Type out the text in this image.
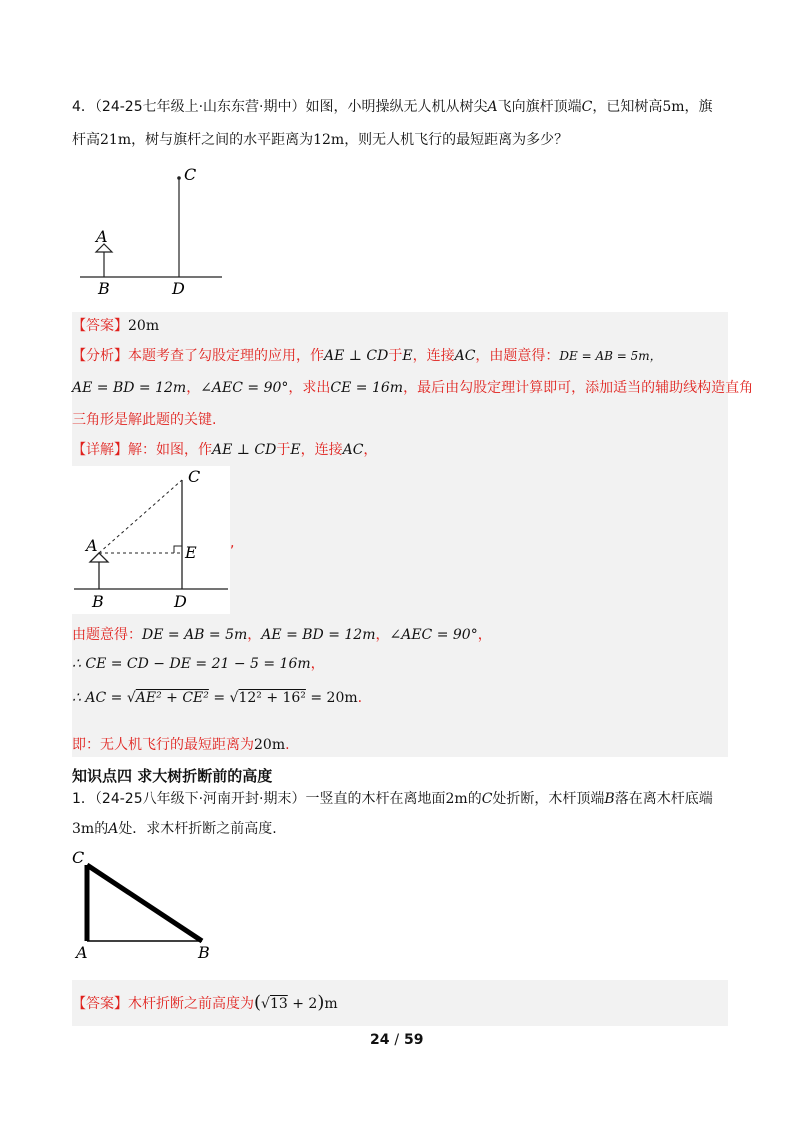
4．（24-25七年级上·山东东营·期中）如图，小明操纵无人机从树尖A飞向旗杆顶端C，已知树高5m，旗
杆高21m，树与旗杆之间的水平距离为12m，则无人机飞行的最短距离为多少？
C
A
B	D
【答案】20m
【分析】本题考查了勾股定理的应用，作AE ⊥ CD于E，连接AC，由题意得：DE = AB = 5m，
AE = BD = 12m，∠AEC = 90°，求出CE = 16m，最后由勾股定理计算即可，添加适当的辅助线构造直角
三角形是解此题的关键.
【详解】解：如图，作AE ⊥ CD于E，连接AC，
C
A	E
B	D
,
由题意得：DE = AB = 5m，AE = BD = 12m，∠AEC = 90°，
∴ CE = CD − DE = 21 − 5 = 16m，
∴ AC = √AE² + CE² = √12² + 16² = 20m.
即：无人机飞行的最短距离为20m.
知识点四 求大树折断前的高度
1．（24-25八年级下·河南开封·期末）一竖直的木杆在离地面2m的C处折断，木杆顶端B落在离木杆底端
3m的A处．求木杆折断之前高度.
C
A	B
【答案】木杆折断之前高度为(√13 + 2)m
24 / 59
